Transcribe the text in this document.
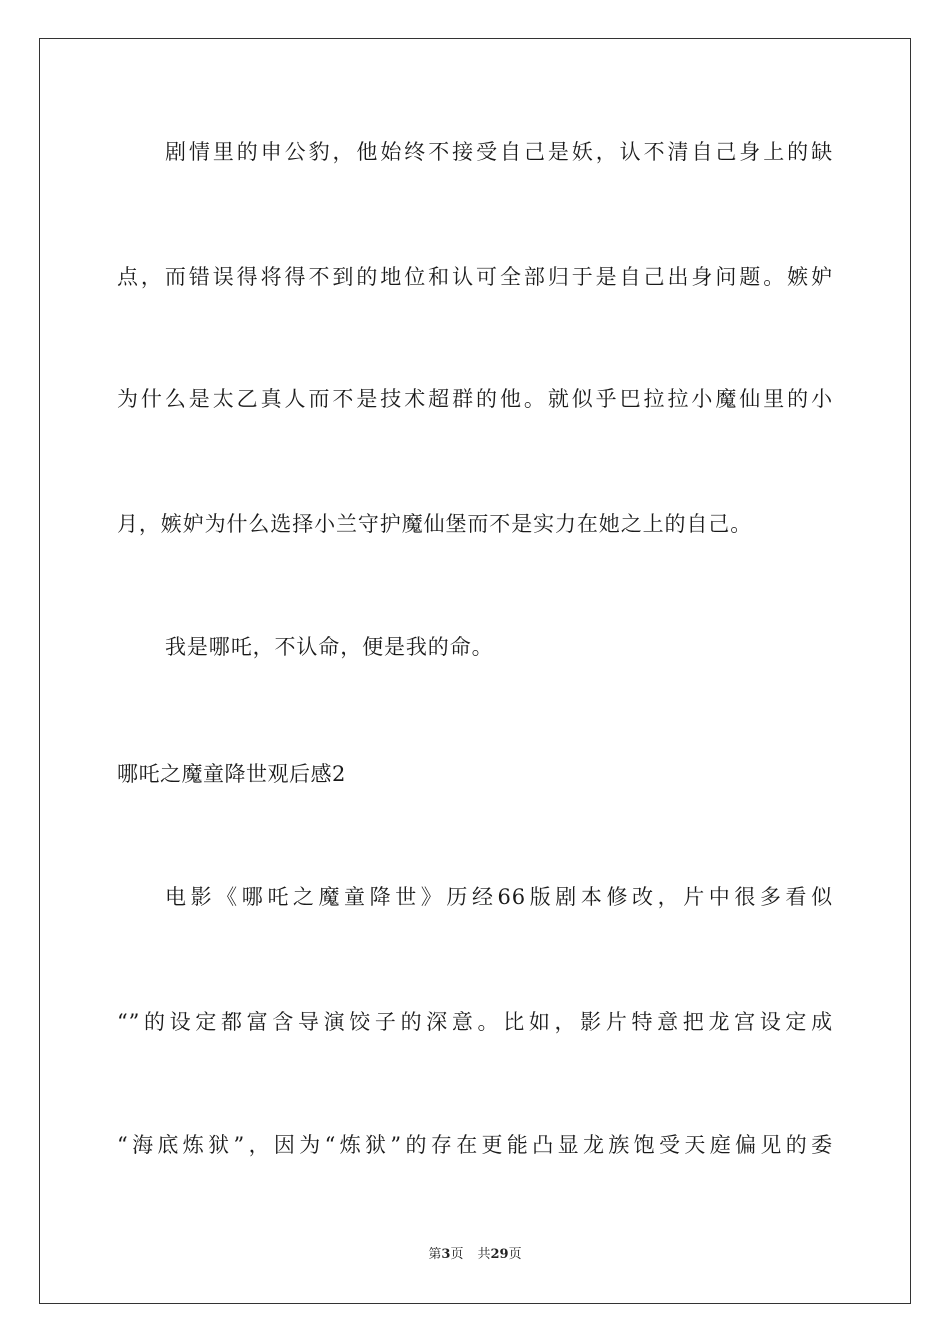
剧情里的申公豹，他始终不接受自己是妖，认不清自己身上的缺
点，而错误得将得不到的地位和认可全部归于是自己出身问题。嫉妒
为什么是太乙真人而不是技术超群的他。就似乎巴拉拉小魔仙里的小
月，嫉妒为什么选择小兰守护魔仙堡而不是实力在她之上的自己。
我是哪吒，不认命，便是我的命。
哪吒之魔童降世观后感2
电影《哪吒之魔童降世》历经66版剧本修改，片中很多看似
“”的设定都富含导演饺子的深意。比如，影片特意把龙宫设定成
“海底炼狱”，因为“炼狱”的存在更能凸显龙族饱受天庭偏见的委
第3页 共29页
